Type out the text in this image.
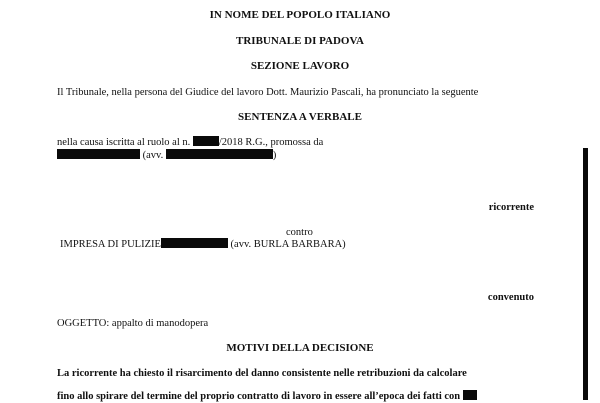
IN NOME DEL POPOLO ITALIANO
TRIBUNALE DI PADOVA
SEZIONE LAVORO
Il Tribunale, nella persona del Giudice del lavoro Dott. Maurizio Pascali, ha pronunciato la seguente
SENTENZA A VERBALE
nella causa iscritta al ruolo al n. /2018 R.G., promossa da
(avv.	)
ricorrente
contro
IMPRESA DI PULIZIE	(avv. BURLA BARBARA)
convenuto
OGGETTO: appalto di manodopera
MOTIVI DELLA DECISIONE
La ricorrente ha chiesto il risarcimento del danno consistente nelle retribuzioni da calcolare
fino allo spirare del termine del proprio contratto di lavoro in essere all’epoca dei fatti con
